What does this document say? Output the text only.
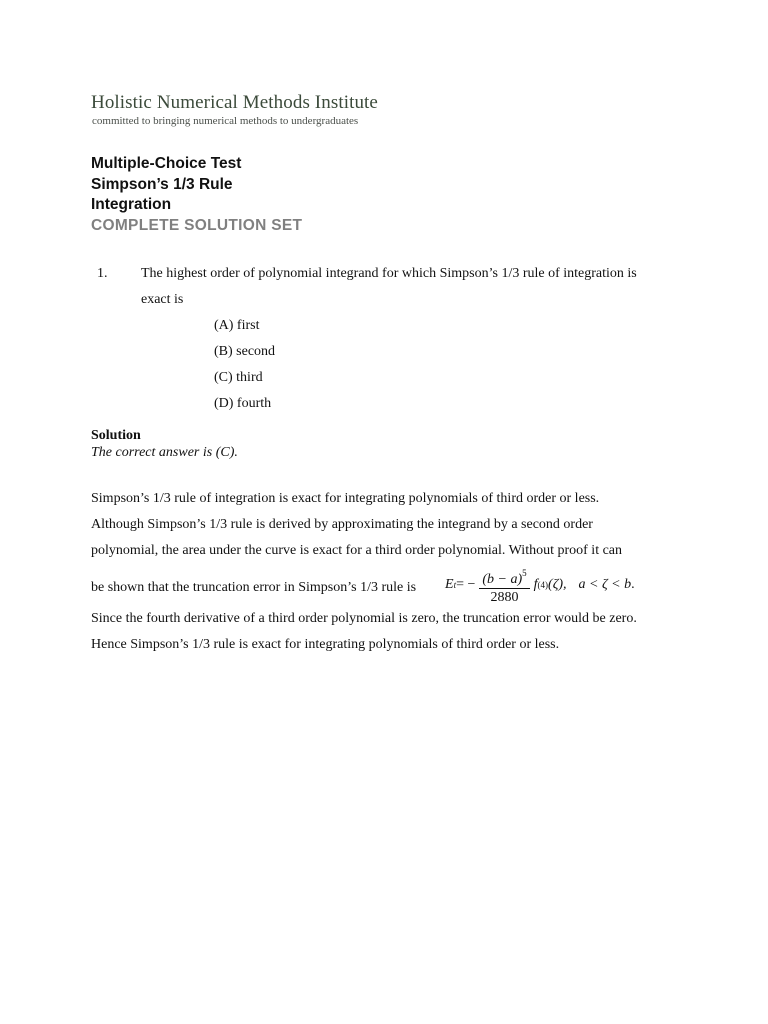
Holistic Numerical Methods Institute
committed to bringing numerical methods to undergraduates
Multiple-Choice Test
Simpson’s 1/3 Rule
Integration
COMPLETE SOLUTION SET
1. The highest order of polynomial integrand for which Simpson’s 1/3 rule of integration is
exact is
(A) first
(B) second
(C) third
(D) fourth
Solution
The correct answer is (C).
Simpson’s 1/3 rule of integration is exact for integrating polynomials of third order or less.
Although Simpson’s 1/3 rule is derived by approximating the integrand by a second order
polynomial, the area under the curve is exact for a third order polynomial. Without proof it can
be shown that the truncation error in Simpson’s 1/3 rule is E t = − $\frac{(b - a)^5}{2880}$ f (4) (ζ), a < ζ < b .
Since the fourth derivative of a third order polynomial is zero, the truncation error would be zero.
Hence Simpson’s 1/3 rule is exact for integrating polynomials of third order or less.
